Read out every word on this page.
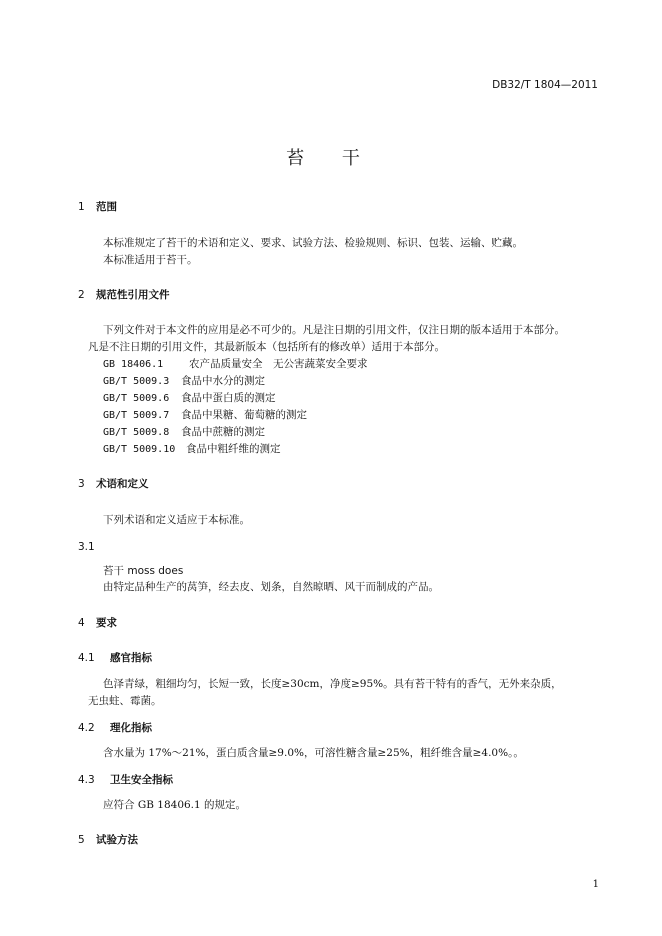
DB32/T 1804—2011
苔 干
1 范围
本标准规定了苔干的术语和定义、要求、试验方法、检验规则、标识、包装、运输、贮藏。
本标准适用于苔干。
2 规范性引用文件
下列文件对于本文件的应用是必不可少的。凡是注日期的引用文件，仅注日期的版本适用于本部分。
凡是不注日期的引用文件，其最新版本（包括所有的修改单）适用于本部分。
GB 18406.1 农产品质量安全　无公害蔬菜安全要求
GB/T 5009.3 食品中水分的测定
GB/T 5009.6 食品中蛋白质的测定
GB/T 5009.7 食品中果糖、葡萄糖的测定
GB/T 5009.8 食品中蔗糖的测定
GB/T 5009.10 食品中粗纤维的测定
3 术语和定义
下列术语和定义适应于本标准。
3.1
苔干 moss does
由特定品种生产的莴笋，经去皮、划条，自然晾晒、风干而制成的产品。
4 要求
4.1 感官指标
色泽青绿，粗细均匀，长短一致，长度≥30cm，净度≥95%。具有苔干特有的香气，无外来杂质，
无虫蛀、霉菌。
4.2 理化指标
含水量为 17%～21%，蛋白质含量≥9.0%，可溶性糖含量≥25%，粗纤维含量≥4.0%。。
4.3 卫生安全指标
应符合 GB 18406.1 的规定。
5 试验方法
1
